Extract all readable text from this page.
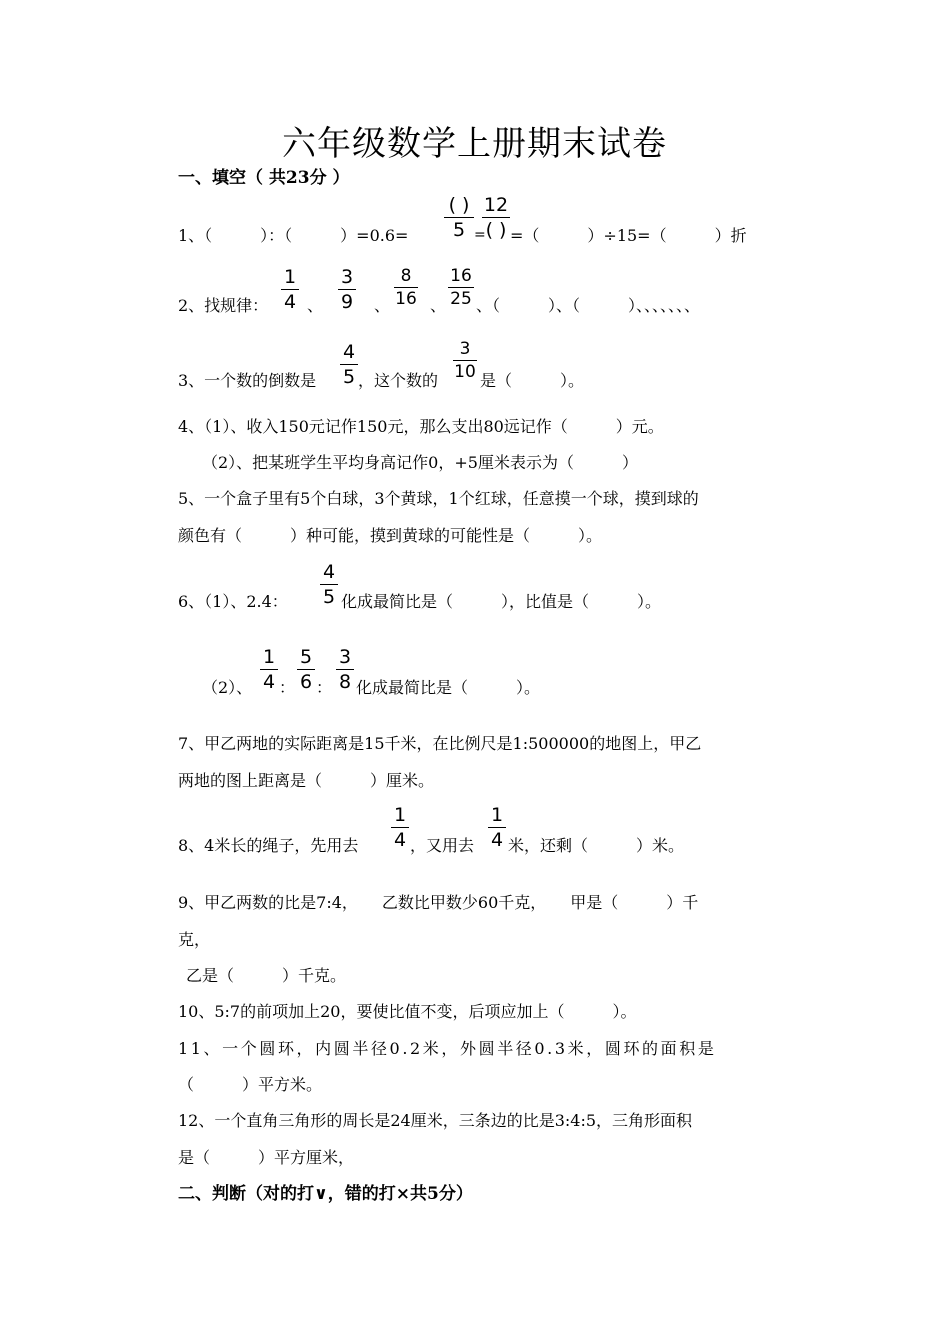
六年级数学上册期末试卷
一、填空（ 共23分 ）
1、（　　　）：（　　　）=0.6=
( )
5 =
12
( ) =（　　　）÷15=（　　　）折
2、找规律：
1
4 、
3
9 、
8
16 、
16
25 、（　　　）、（　　　）、、、、、、、
3、一个数的倒数是
4
5 ，这个数的
3
10 是（　　　）。
4、（1）、收入150元记作150元，那么支出80远记作（　　　）元。
（2）、把某班学生平均身高记作0，+5厘米表示为（　　　）
5、一个盒子里有5个白球，3个黄球，1个红球，任意摸一个球，摸到球的
颜色有（　　　）种可能，摸到黄球的可能性是（　　　）。
6、（1）、2.4：
4
5 化成最简比是（　　　），比值是（　　　）。
（2）、
1
4 ：
5
6 ：
3
8 化成最简比是（　　　）。
7、甲乙两地的实际距离是15千米，在比例尺是1:500000的地图上，甲乙
两地的图上距离是（　　　）厘米。
8、4米长的绳子，先用去
1
4 ，又用去
1
4 米，还剩（　　　）米。
9、甲乙两数的比是7:4，　　乙数比甲数少60千克，　　甲是（　　　）千
克，
乙是（　　　）千克。
10、5:7的前项加上20，要使比值不变，后项应加上（　　　）。
11、一个圆环，内圆半径0.2米，外圆半径0.3米，圆环的面积是
（　　　）平方米。
12、一个直角三角形的周长是24厘米，三条边的比是3:4:5，三角形面积
是（　　　）平方厘米，
二、判断（对的打∨，错的打×共5分）
